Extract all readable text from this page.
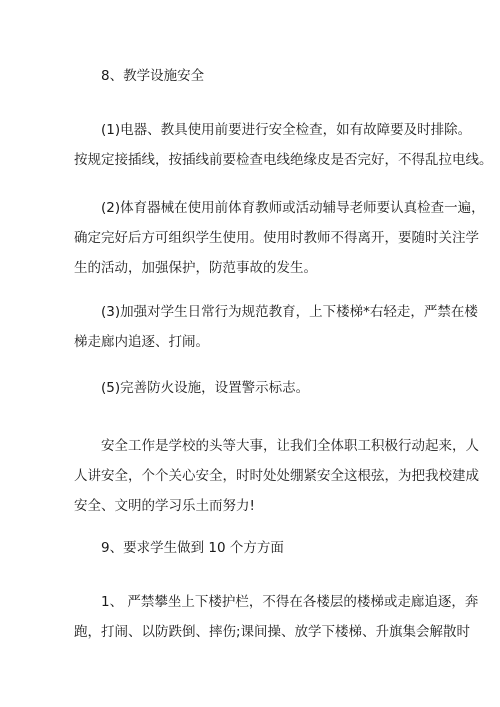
8、教学设施安全
(1)电器、教具使用前要进行安全检查，如有故障要及时排除。
按规定接插线，按插线前要检查电线绝缘皮是否完好，不得乱拉电线。
(2)体育器械在使用前体育教师或活动辅导老师要认真检查一遍，
确定完好后方可组织学生使用。使用时教师不得离开，要随时关注学
生的活动，加强保护，防范事故的发生。
(3)加强对学生日常行为规范教育，上下楼梯*右轻走，严禁在楼
梯走廊内追逐、打闹。
(5)完善防火设施，设置警示标志。
安全工作是学校的头等大事，让我们全体职工积极行动起来，人
人讲安全，个个关心安全，时时处处绷紧安全这根弦，为把我校建成
安全、文明的学习乐土而努力!
9、要求学生做到 10 个方方面
1、 严禁攀坐上下楼护栏，不得在各楼层的楼梯或走廊追逐，奔
跑，打闹、以防跌倒、摔伤;课间操、放学下楼梯、升旗集会解散时
